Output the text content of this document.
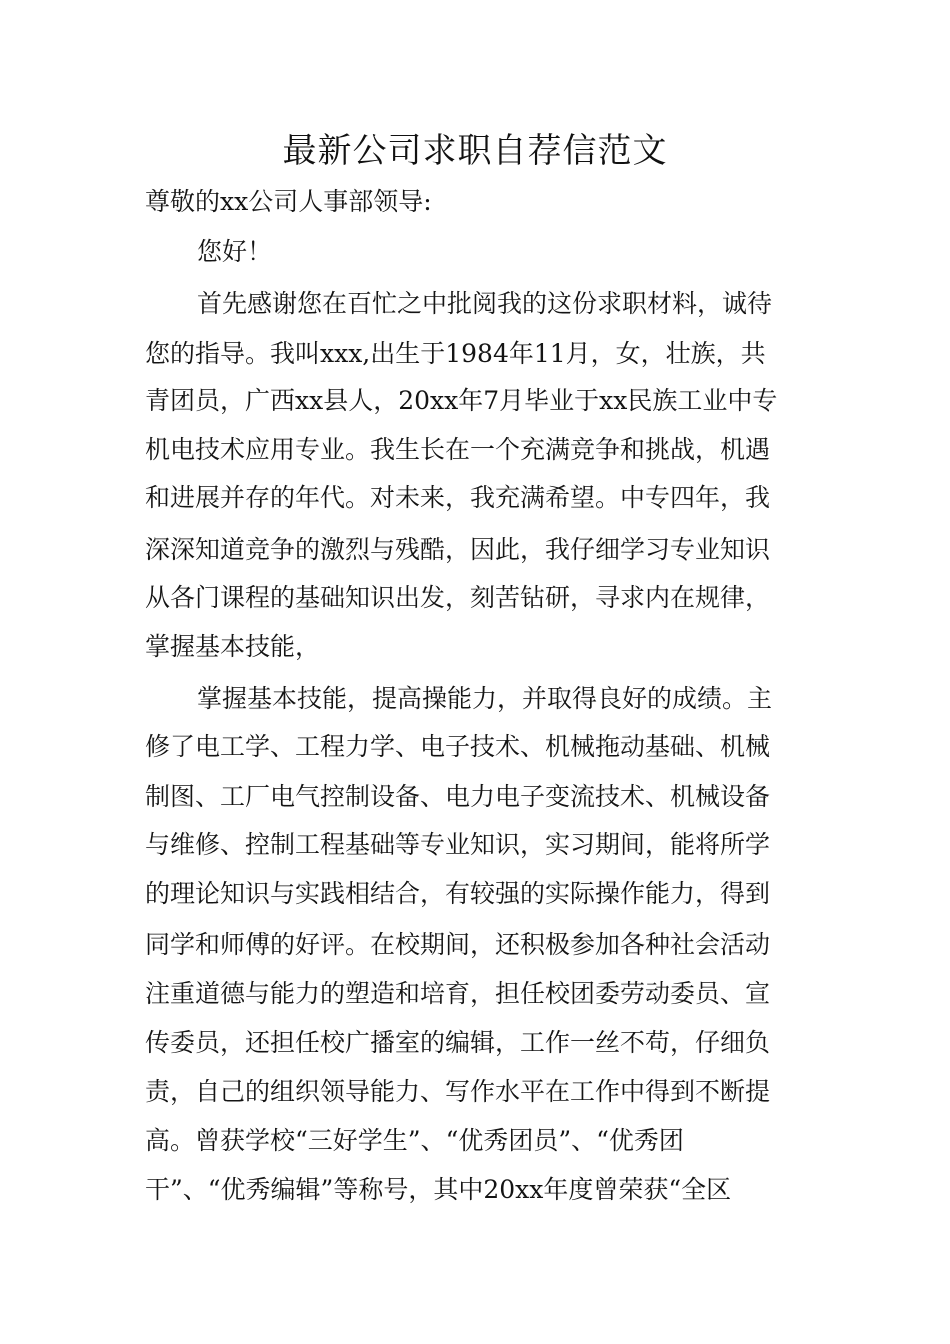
最新公司求职自荐信范文
尊敬的xx公司人事部领导:
您好！
首先感谢您在百忙之中批阅我的这份求职材料，诚待
您的指导。我叫xxx,出生于1984年11月，女，壮族，共
青团员，广西xx县人，20xx年7月毕业于xx民族工业中专
机电技术应用专业。我生长在一个充满竞争和挑战，机遇
和进展并存的年代。对未来，我充满希望。中专四年，我
深深知道竞争的激烈与残酷，因此，我仔细学习专业知识
从各门课程的基础知识出发，刻苦钻研，寻求内在规律，
掌握基本技能，
掌握基本技能，提高操能力，并取得良好的成绩。主
修了电工学、工程力学、电子技术、机械拖动基础、机械
制图、工厂电气控制设备、电力电子变流技术、机械设备
与维修、控制工程基础等专业知识，实习期间，能将所学
的理论知识与实践相结合，有较强的实际操作能力，得到
同学和师傅的好评。在校期间，还积极参加各种社会活动
注重道德与能力的塑造和培育，担任校团委劳动委员、宣
传委员，还担任校广播室的编辑，工作一丝不苟，仔细负
责，自己的组织领导能力、写作水平在工作中得到不断提
高。曾获学校“三好学生”、“优秀团员”、“优秀团
干”、“优秀编辑”等称号，其中20xx年度曾荣获“全区
